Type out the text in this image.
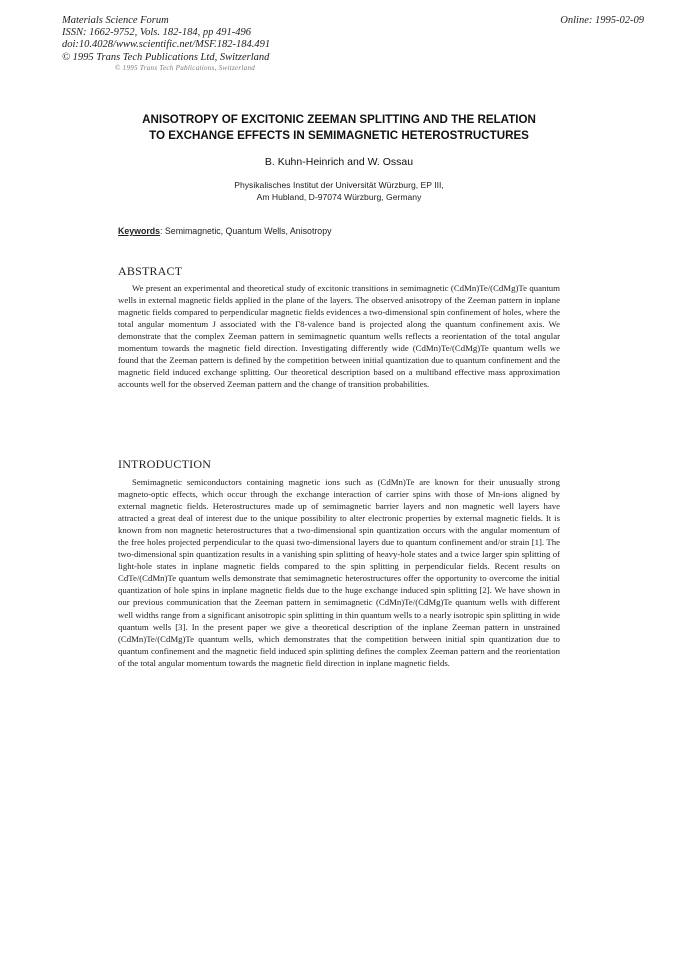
Materials Science Forum
ISSN: 1662-9752, Vols. 182-184, pp 491-496
doi:10.4028/www.scientific.net/MSF.182-184.491
© 1995 Trans Tech Publications Ltd, Switzerland
Online: 1995-02-09
© 1995 Trans Tech Publications, Switzerland
ANISOTROPY OF EXCITONIC ZEEMAN SPLITTING AND THE RELATION
TO EXCHANGE EFFECTS IN SEMIMAGNETIC HETEROSTRUCTURES
B. Kuhn-Heinrich and W. Ossau
Physikalisches Institut der Universität Würzburg, EP III,
Am Hubland, D-97074 Würzburg, Germany
Keywords: Semimagnetic, Quantum Wells, Anisotropy
ABSTRACT
We present an experimental and theoretical study of excitonic transitions in semimagnetic (CdMn)Te/(CdMg)Te quantum wells in external magnetic fields applied in the plane of the layers. The observed anisotropy of the Zeeman pattern in inplane magnetic fields compared to perpendicular magnetic fields evidences a two-dimensional spin confinement of holes, where the total angular momentum J associated with the Γ8-valence band is projected along the quantum confinement axis. We demonstrate that the complex Zeeman pattern in semimagnetic quantum wells reflects a reorientation of the total angular momentum towards the magnetic field direction. Investigating differently wide (CdMn)Te/(CdMg)Te quantum wells we found that the Zeeman pattern is defined by the competition between initial quantization due to quantum confinement and the magnetic field induced exchange splitting. Our theoretical description based on a multiband effective mass approximation accounts well for the observed Zeeman pattern and the change of transition probabilities.
INTRODUCTION
Semimagnetic semiconductors containing magnetic ions such as (CdMn)Te are known for their unusually strong magneto-optic effects, which occur through the exchange interaction of carrier spins with those of Mn-ions aligned by external magnetic fields. Heterostructures made up of semimagnetic barrier layers and non magnetic well layers have attracted a great deal of interest due to the unique possibility to alter electronic properties by external magnetic fields. It is known from non magnetic heterostructures that a two-dimensional spin quantization occurs with the angular momentum of the free holes projected perpendicular to the quasi two-dimensional layers due to quantum confinement and/or strain [1]. The two-dimensional spin quantization results in a vanishing spin splitting of heavy-hole states and a twice larger spin splitting of light-hole states in inplane magnetic fields compared to the spin splitting in perpendicular fields. Recent results on CdTe/(CdMn)Te quantum wells demonstrate that semimagnetic heterostructures offer the opportunity to overcome the initial quantization of hole spins in inplane magnetic fields due to the huge exchange induced spin splitting [2]. We have shown in our previous communication that the Zeeman pattern in semimagnetic (CdMn)Te/(CdMg)Te quantum wells with different well widths range from a significant anisotropic spin splitting in thin quantum wells to a nearly isotropic spin splitting in wide quantum wells [3]. In the present paper we give a theoretical description of the inplane Zeeman pattern in unstrained (CdMn)Te/(CdMg)Te quantum wells, which demonstrates that the competition between initial spin quantization due to quantum confinement and the magnetic field induced spin splitting defines the complex Zeeman pattern and the reorientation of the total angular momentum towards the magnetic field direction in inplane magnetic fields.
